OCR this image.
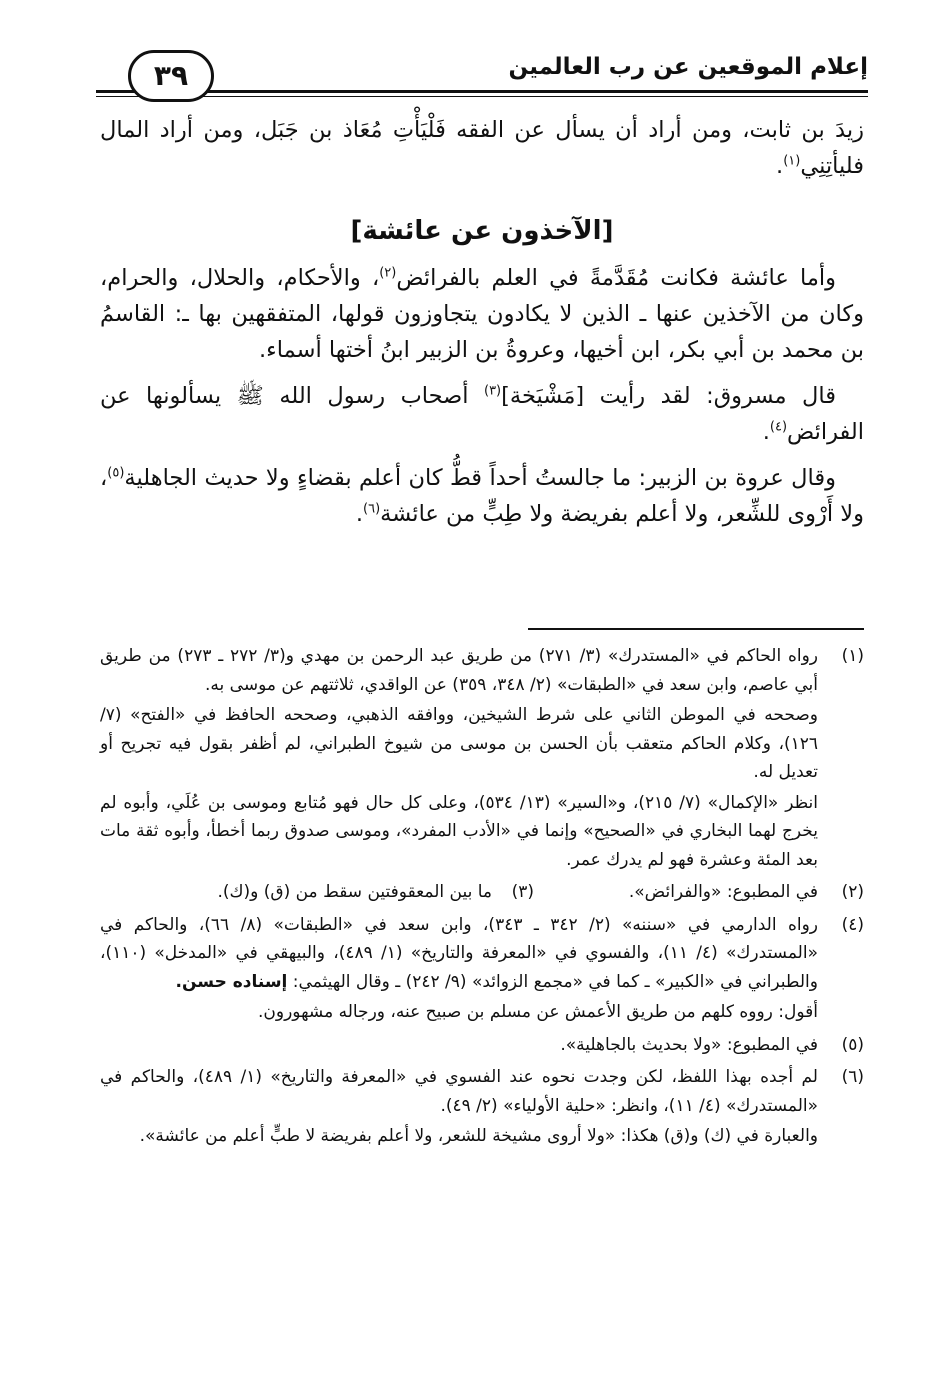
إعلام الموقعين عن رب العالمين
٣٩

زيدَ بن ثابت، ومن أراد أن يسأل عن الفقه فَلْيَأْتِ مُعَاذ بن جَبَل، ومن أراد المال فليأتِنِي$^{(١)}$.

[الآخذون عن عائشة]

وأما عائشة فكانت مُقَدَّمةً في العلم بالفرائض$^{(٢)}$، والأحكام، والحلال، والحرام، وكان من الآخذين عنها ـ الذين لا يكادون يتجاوزون قولها، المتفقهين بها ـ: القاسمُ بن محمد بن أبي بكر، ابن أخيها، وعروةُ بن الزبير ابنُ أختها أسماء.

قال مسروق: لقد رأيت [مَشْيَخة]$^{(٣)}$ أصحاب رسول الله ﷺ يسألونها عن الفرائض$^{(٤)}$.

وقال عروة بن الزبير: ما جالستُ أحداً قطُّ كان أعلم بقضاءٍ ولا حديث الجاهلية$^{(٥)}$، ولا أَرْوى للشِّعر، ولا أعلم بفريضة ولا طِبٍّ من عائشة$^{(٦)}$.

(١)
رواه الحاكم في «المستدرك» (٣/ ٢٧١) من طريق عبد الرحمن بن مهدي و(٣/ ٢٧٢ ـ ٢٧٣) من طريق أبي عاصم، وابن سعد في «الطبقات» (٢/ ٣٤٨، ٣٥٩) عن الواقدي، ثلاثتهم عن موسى به.
وصححه في الموطن الثاني على شرط الشيخين، ووافقه الذهبي، وصححه الحافظ في «الفتح» (٧/ ١٢٦)، وكلام الحاكم متعقب بأن الحسن بن موسى من شيوخ الطبراني، لم أظفر بقول فيه تجريح أو تعديل له.
انظر «الإكمال» (٧/ ٢١٥)، و«السير» (١٣/ ٥٣٤)، وعلى كل حال فهو مُتابع وموسى بن عُلَي، وأبوه لم يخرج لهما البخاري في «الصحيح» وإنما في «الأدب المفرد»، وموسى صدوق ربما أخطأ، وأبوه ثقة مات بعد المئة وعشرة فهو لم يدرك عمر.
(٢)
في المطبوع: «والفرائض».
(٣)
ما بين المعقوفتين سقط من (ق) و(ك).
(٤)
رواه الدارمي في «سننه» (٢/ ٣٤٢ ـ ٣٤٣)، وابن سعد في «الطبقات» (٨/ ٦٦)، والحاكم في «المستدرك» (٤/ ١١)، والفسوي في «المعرفة والتاريخ» (١/ ٤٨٩)، والبيهقي في «المدخل» (١١٠)، والطبراني في «الكبير» ـ كما في «مجمع الزوائد» (٩/ ٢٤٢) ـ وقال الهيثمي: إسناده حسن.
أقول: رووه كلهم من طريق الأعمش عن مسلم بن صبيح عنه، ورجاله مشهورون.
(٥)
في المطبوع: «ولا بحديث بالجاهلية».
(٦)
لم أجده بهذا اللفظ، لكن وجدت نحوه عند الفسوي في «المعرفة والتاريخ» (١/ ٤٨٩)، والحاكم في «المستدرك» (٤/ ١١)، وانظر: «حلية الأولياء» (٢/ ٤٩).
والعبارة في (ك) و(ق) هكذا: «ولا أروى مشيخة للشعر، ولا أعلم بفريضة لا طبٍّ أعلم من عائشة».
